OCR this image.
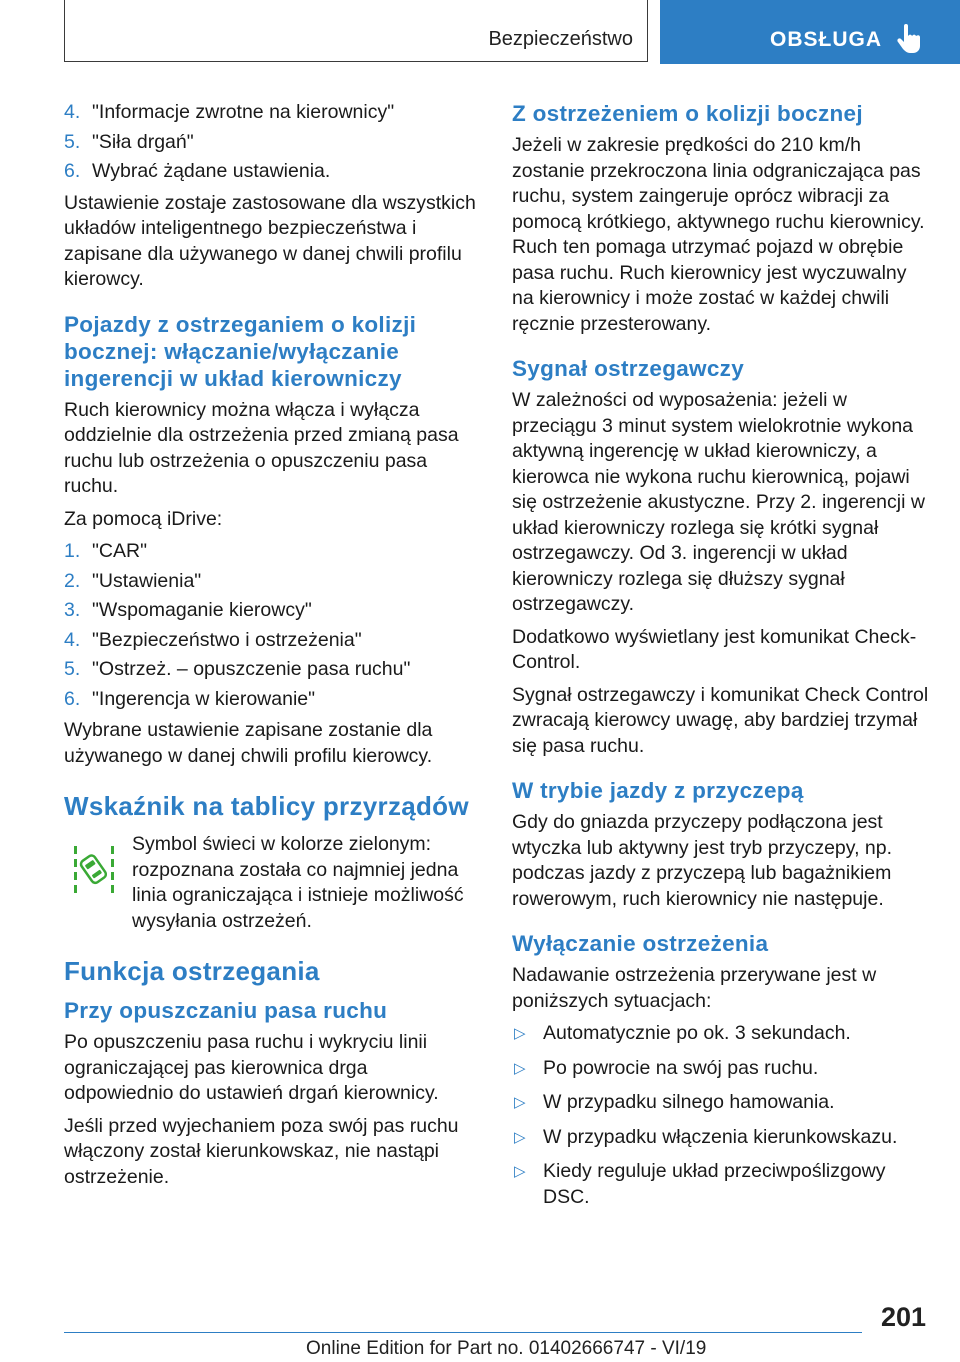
Bezpieczeństwo	OBSŁUGA
4. "Informacje zwrotne na kierownicy"
5. "Siła drgań"
6. Wybrać żądane ustawienia.

Ustawienie zostaje zastosowane dla wszystkich układów inteligentnego bezpieczeństwa i zapisane dla używanego w danej chwili profilu kierowcy.

Pojazdy z ostrzeganiem o kolizji bocznej: włączanie/wyłączanie ingerencji w układ kierowniczy

Ruch kierownicy można włącza i wyłącza oddzielnie dla ostrzeżenia przed zmianą pasa ruchu lub ostrzeżenia o opuszczeniu pasa ruchu.

Za pomocą iDrive:

1. "CAR"
2. "Ustawienia"
3. "Wspomaganie kierowcy"
4. "Bezpieczeństwo i ostrzeżenia"
5. "Ostrzeż. – opuszczenie pasa ruchu"
6. "Ingerencja w kierowanie"

Wybrane ustawienie zapisane zostanie dla używanego w danej chwili profilu kierowcy.

Wskaźnik na tablicy przyrządów

Symbol świeci w kolorze zielonym: rozpoznana została co najmniej jedna linia ograniczająca i istnieje możliwość wysyłania ostrzeżeń.

Funkcja ostrzegania
Przy opuszczaniu pasa ruchu

Po opuszczeniu pasa ruchu i wykryciu linii ograniczającej pas kierownica drga odpowiednio do ustawień drgań kierownicy.

Jeśli przed wyjechaniem poza swój pas ruchu włączony został kierunkowskaz, nie nastąpi ostrzeżenie.

Z ostrzeżeniem o kolizji bocznej

Jeżeli w zakresie prędkości do 210 km/h zostanie przekroczona linia odgraniczająca pas ruchu, system zaingeruje oprócz wibracji za pomocą krótkiego, aktywnego ruchu kierownicy. Ruch ten pomaga utrzymać pojazd w obrębie pasa ruchu. Ruch kierownicy jest wyczuwalny na kierownicy i może zostać w każdej chwili ręcznie przesterowany.

Sygnał ostrzegawczy

W zależności od wyposażenia: jeżeli w przeciągu 3 minut system wielokrotnie wykona aktywną ingerencję w układ kierowniczy, a kierowca nie wykona ruchu kierownicą, pojawi się ostrzeżenie akustyczne. Przy 2. ingerencji w układ kierowniczy rozlega się krótki sygnał ostrzegawczy. Od 3. ingerencji w układ kierowniczy rozlega się dłuższy sygnał ostrzegawczy.

Dodatkowo wyświetlany jest komunikat Check-Control.

Sygnał ostrzegawczy i komunikat Check Control zwracają kierowcy uwagę, aby bardziej trzymał się pasa ruchu.

W trybie jazdy z przyczepą

Gdy do gniazda przyczepy podłączona jest wtyczka lub aktywny jest tryb przyczepy, np. podczas jazdy z przyczepą lub bagażnikiem rowerowym, ruch kierownicy nie następuje.

Wyłączanie ostrzeżenia

Nadawanie ostrzeżenia przerywane jest w poniższych sytuacjach:

▷ Automatycznie po ok. 3 sekundach.
▷ Po powrocie na swój pas ruchu.
▷ W przypadku silnego hamowania.
▷ W przypadku włączenia kierunkowskazu.
▷ Kiedy reguluje układ przeciwpoślizgowy DSC.
201
Online Edition for Part no. 01402666747 - VI/19
